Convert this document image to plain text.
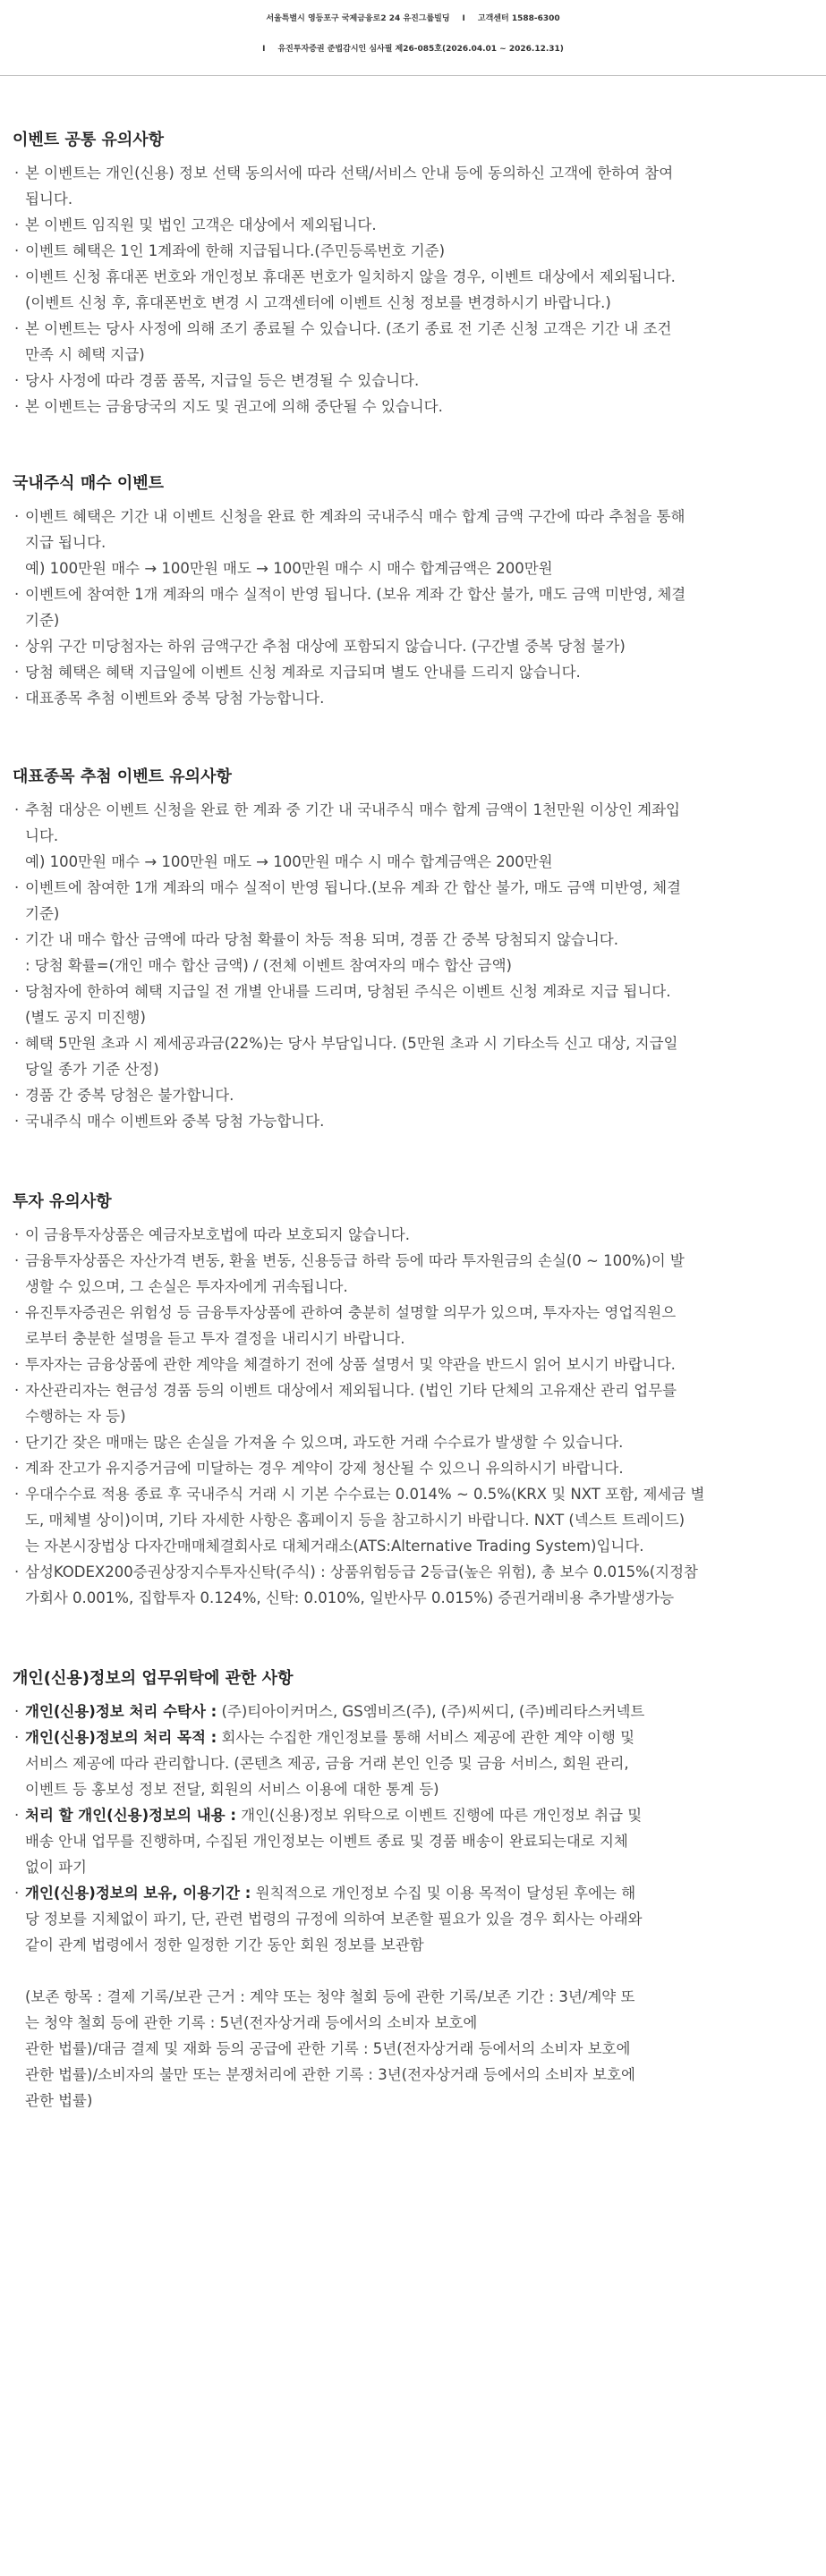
서울특별시 영등포구 국제금융로2 24 유진그룹빌딩 I 고객센터 1588-6300
I 유진투자증권 준법감시인 심사필 제26-085호(2026.04.01 ~ 2026.12.31)
이벤트 공통 유의사항
· 본 이벤트는 개인(신용) 정보 선택 동의서에 따라 선택/서비스 안내 등에 동의하신 고객에 한하여 참여
됩니다.
· 본 이벤트 임직원 및 법인 고객은 대상에서 제외됩니다.
· 이벤트 혜택은 1인 1계좌에 한해 지급됩니다.(주민등록번호 기준)
· 이벤트 신청 휴대폰 번호와 개인정보 휴대폰 번호가 일치하지 않을 경우, 이벤트 대상에서 제외됩니다.
(이벤트 신청 후, 휴대폰번호 변경 시 고객센터에 이벤트 신청 정보를 변경하시기 바랍니다.)
· 본 이벤트는 당사 사정에 의해 조기 종료될 수 있습니다. (조기 종료 전 기존 신청 고객은 기간 내 조건
만족 시 혜택 지급)
· 당사 사정에 따라 경품 품목, 지급일 등은 변경될 수 있습니다.
· 본 이벤트는 금융당국의 지도 및 권고에 의해 중단될 수 있습니다.
국내주식 매수 이벤트
· 이벤트 혜택은 기간 내 이벤트 신청을 완료 한 계좌의 국내주식 매수 합계 금액 구간에 따라 추첨을 통해
지급 됩니다.
예) 100만원 매수 → 100만원 매도 → 100만원 매수 시 매수 합계금액은 200만원
· 이벤트에 참여한 1개 계좌의 매수 실적이 반영 됩니다. (보유 계좌 간 합산 불가, 매도 금액 미반영, 체결
기준)
· 상위 구간 미당첨자는 하위 금액구간 추첨 대상에 포함되지 않습니다. (구간별 중복 당첨 불가)
· 당첨 혜택은 혜택 지급일에 이벤트 신청 계좌로 지급되며 별도 안내를 드리지 않습니다.
· 대표종목 추첨 이벤트와 중복 당첨 가능합니다.
대표종목 추첨 이벤트 유의사항
· 추첨 대상은 이벤트 신청을 완료 한 계좌 중 기간 내 국내주식 매수 합계 금액이 1천만원 이상인 계좌입
니다.
예) 100만원 매수 → 100만원 매도 → 100만원 매수 시 매수 합계금액은 200만원
· 이벤트에 참여한 1개 계좌의 매수 실적이 반영 됩니다.(보유 계좌 간 합산 불가, 매도 금액 미반영, 체결
기준)
· 기간 내 매수 합산 금액에 따라 당첨 확률이 차등 적용 되며, 경품 간 중복 당첨되지 않습니다.
: 당첨 확률=(개인 매수 합산 금액) / (전체 이벤트 참여자의 매수 합산 금액)
· 당첨자에 한하여 혜택 지급일 전 개별 안내를 드리며, 당첨된 주식은 이벤트 신청 계좌로 지급 됩니다.
(별도 공지 미진행)
· 혜택 5만원 초과 시 제세공과금(22%)는 당사 부담입니다. (5만원 초과 시 기타소득 신고 대상, 지급일
당일 종가 기준 산정)
· 경품 간 중복 당첨은 불가합니다.
· 국내주식 매수 이벤트와 중복 당첨 가능합니다.
투자 유의사항
· 이 금융투자상품은 예금자보호법에 따라 보호되지 않습니다.
· 금융투자상품은 자산가격 변동, 환율 변동, 신용등급 하락 등에 따라 투자원금의 손실(0 ~ 100%)이 발
생할 수 있으며, 그 손실은 투자자에게 귀속됩니다.
· 유진투자증권은 위험성 등 금융투자상품에 관하여 충분히 설명할 의무가 있으며, 투자자는 영업직원으
로부터 충분한 설명을 듣고 투자 결정을 내리시기 바랍니다.
· 투자자는 금융상품에 관한 계약을 체결하기 전에 상품 설명서 및 약관을 반드시 읽어 보시기 바랍니다.
· 자산관리자는 현금성 경품 등의 이벤트 대상에서 제외됩니다. (법인 기타 단체의 고유재산 관리 업무를
수행하는 자 등)
· 단기간 잦은 매매는 많은 손실을 가져올 수 있으며, 과도한 거래 수수료가 발생할 수 있습니다.
· 계좌 잔고가 유지증거금에 미달하는 경우 계약이 강제 청산될 수 있으니 유의하시기 바랍니다.
· 우대수수료 적용 종료 후 국내주식 거래 시 기본 수수료는 0.014% ~ 0.5%(KRX 및 NXT 포함, 제세금 별
도, 매체별 상이)이며, 기타 자세한 사항은 홈페이지 등을 참고하시기 바랍니다. NXT (넥스트 트레이드)
는 자본시장법상 다자간매매체결회사로 대체거래소(ATS:Alternative Trading System)입니다.
· 삼성KODEX200증권상장지수투자신탁(주식) : 상품위험등급 2등급(높은 위험), 총 보수 0.015%(지정참
가회사 0.001%, 집합투자 0.124%, 신탁: 0.010%, 일반사무 0.015%) 증권거래비용 추가발생가능
개인(신용)정보의 업무위탁에 관한 사항
· 개인(신용)정보 처리 수탁사 : (주)티아이커머스, GS엠비즈(주), (주)씨씨디, (주)베리타스커넥트
· 개인(신용)정보의 처리 목적 : 회사는 수집한 개인정보를 통해 서비스 제공에 관한 계약 이행 및
서비스 제공에 따라 관리합니다. (콘텐츠 제공, 금융 거래 본인 인증 및 금융 서비스, 회원 관리,
이벤트 등 홍보성 정보 전달, 회원의 서비스 이용에 대한 통계 등)
· 처리 할 개인(신용)정보의 내용 : 개인(신용)정보 위탁으로 이벤트 진행에 따른 개인정보 취급 및
배송 안내 업무를 진행하며, 수집된 개인정보는 이벤트 종료 및 경품 배송이 완료되는대로 지체
없이 파기
· 개인(신용)정보의 보유, 이용기간 : 원칙적으로 개인정보 수집 및 이용 목적이 달성된 후에는 해
당 정보를 지체없이 파기, 단, 관련 법령의 규정에 의하여 보존할 필요가 있을 경우 회사는 아래와
같이 관계 법령에서 정한 일정한 기간 동안 회원 정보를 보관함
(보존 항목 : 결제 기록/보관 근거 : 계약 또는 청약 철회 등에 관한 기록/보존 기간 : 3년/계약 또
는 청약 철회 등에 관한 기록 : 5년(전자상거래 등에서의 소비자 보호에
관한 법률)/대금 결제 및 재화 등의 공급에 관한 기록 : 5년(전자상거래 등에서의 소비자 보호에
관한 법률)/소비자의 불만 또는 분쟁처리에 관한 기록 : 3년(전자상거래 등에서의 소비자 보호에
관한 법률)
